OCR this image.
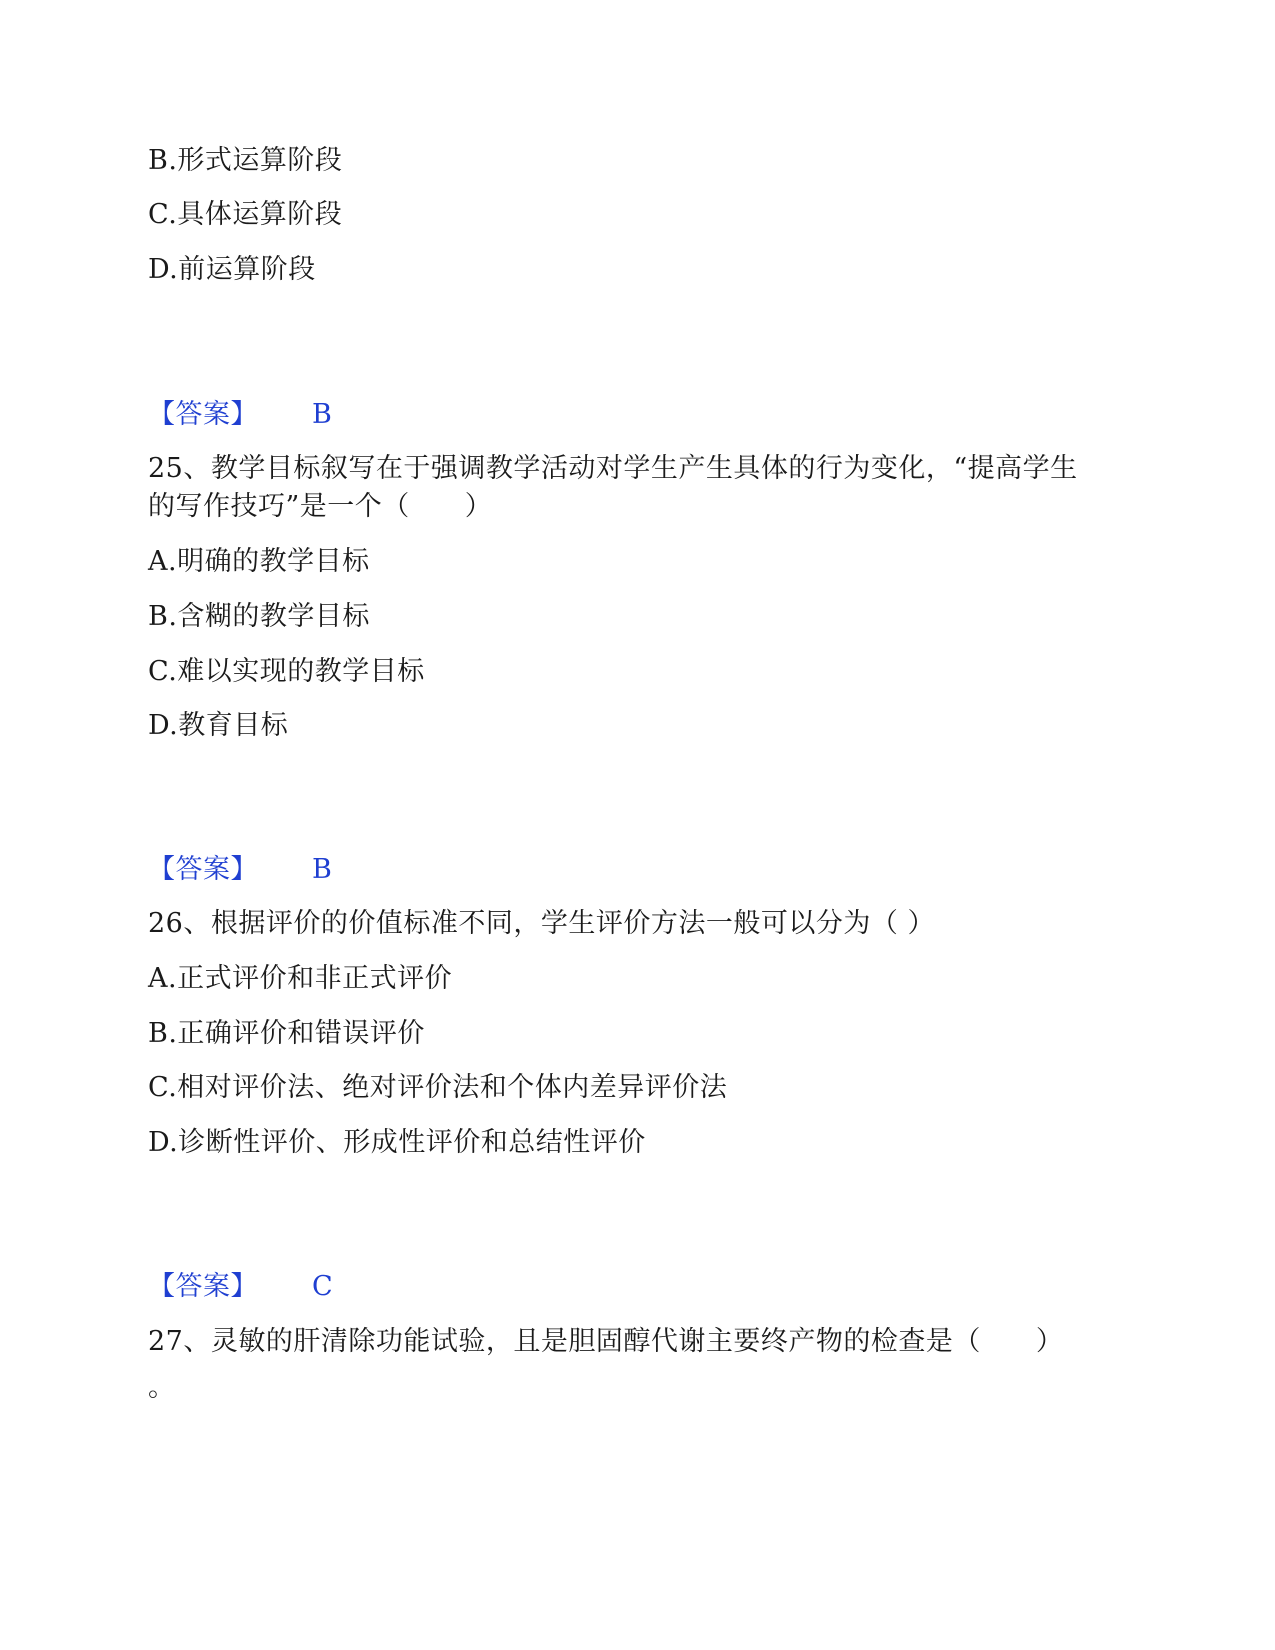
B.形式运算阶段
C.具体运算阶段
D.前运算阶段
【答案】 B
25、教学目标叙写在于强调教学活动对学生产生具体的行为变化，“提高学生
的写作技巧”是一个（　　）
A.明确的教学目标
B.含糊的教学目标
C.难以实现的教学目标
D.教育目标
【答案】 B
26、根据评价的价值标准不同，学生评价方法一般可以分为（ ）
A.正式评价和非正式评价
B.正确评价和错误评价
C.相对评价法、绝对评价法和个体内差异评价法
D.诊断性评价、形成性评价和总结性评价
【答案】 C
27、灵敏的肝清除功能试验，且是胆固醇代谢主要终产物的检查是（　　）
。
